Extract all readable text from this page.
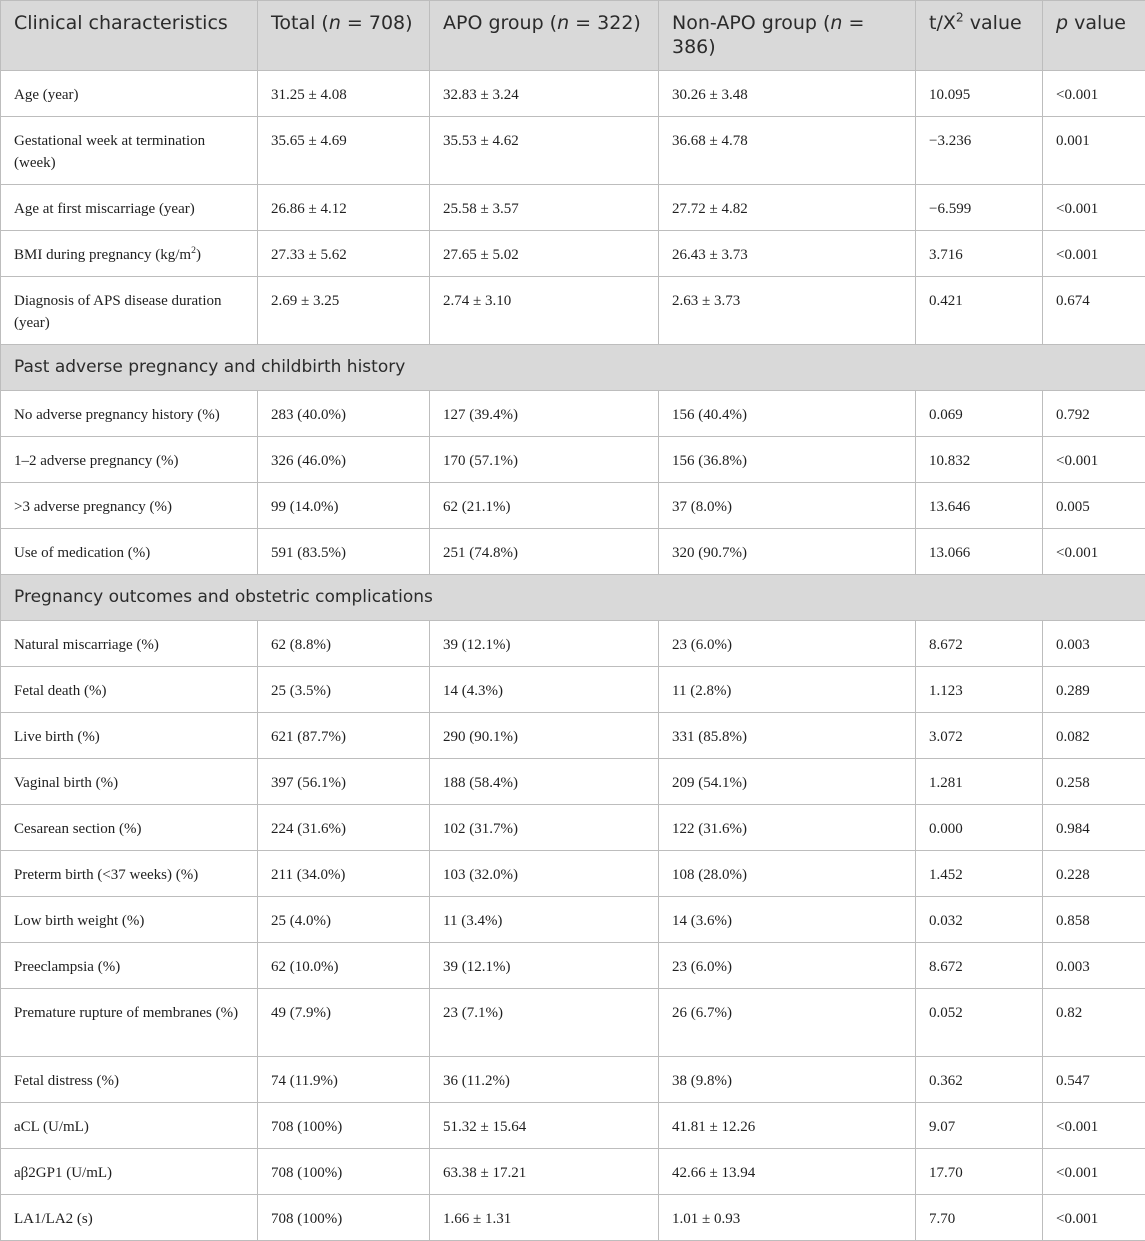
Clinical characteristics	Total (n = 708)	APO group (n = 322)	Non-APO group (n = 386)	$t/X^2$ value	p value
Age (year)	31.25 ± 4.08	32.83 ± 3.24	30.26 ± 3.48	10.095	<0.001
Gestational week at termination (week)	35.65 ± 4.69	35.53 ± 4.62	36.68 ± 4.78	−3.236	0.001
Age at first miscarriage (year)	26.86 ± 4.12	25.58 ± 3.57	27.72 ± 4.82	−6.599	<0.001
BMI during pregnancy $(kg/m^2)$	27.33 ± 5.62	27.65 ± 5.02	26.43 ± 3.73	3.716	<0.001
Diagnosis of APS disease duration (year)	2.69 ± 3.25	2.74 ± 3.10	2.63 ± 3.73	0.421	0.674
Past adverse pregnancy and childbirth history					
No adverse pregnancy history (%)	283 (40.0%)	127 (39.4%)	156 (40.4%)	0.069	0.792
1–2 adverse pregnancy (%)	326 (46.0%)	170 (57.1%)	156 (36.8%)	10.832	<0.001
>3 adverse pregnancy (%)	99 (14.0%)	62 (21.1%)	37 (8.0%)	13.646	0.005
Use of medication (%)	591 (83.5%)	251 (74.8%)	320 (90.7%)	13.066	<0.001
Pregnancy outcomes and obstetric complications					
Natural miscarriage (%)	62 (8.8%)	39 (12.1%)	23 (6.0%)	8.672	0.003
Fetal death (%)	25 (3.5%)	14 (4.3%)	11 (2.8%)	1.123	0.289
Live birth (%)	621 (87.7%)	290 (90.1%)	331 (85.8%)	3.072	0.082
Vaginal birth (%)	397 (56.1%)	188 (58.4%)	209 (54.1%)	1.281	0.258
Cesarean section (%)	224 (31.6%)	102 (31.7%)	122 (31.6%)	0.000	0.984
Preterm birth (<37 weeks) (%)	211 (34.0%)	103 (32.0%)	108 (28.0%)	1.452	0.228
Low birth weight (%)	25 (4.0%)	11 (3.4%)	14 (3.6%)	0.032	0.858
Preeclampsia (%)	62 (10.0%)	39 (12.1%)	23 (6.0%)	8.672	0.003
Premature rupture of membranes (%)	49 (7.9%)	23 (7.1%)	26 (6.7%)	0.052	0.82
Fetal distress (%)	74 (11.9%)	36 (11.2%)	38 (9.8%)	0.362	0.547
aCL (U/mL)	708 (100%)	51.32 ± 15.64	41.81 ± 12.26	9.07	<0.001
aβ2GP1 (U/mL)	708 (100%)	63.38 ± 17.21	42.66 ± 13.94	17.70	<0.001
LA1/LA2 (s)	708 (100%)	1.66 ± 1.31	1.01 ± 0.93	7.70	<0.001
